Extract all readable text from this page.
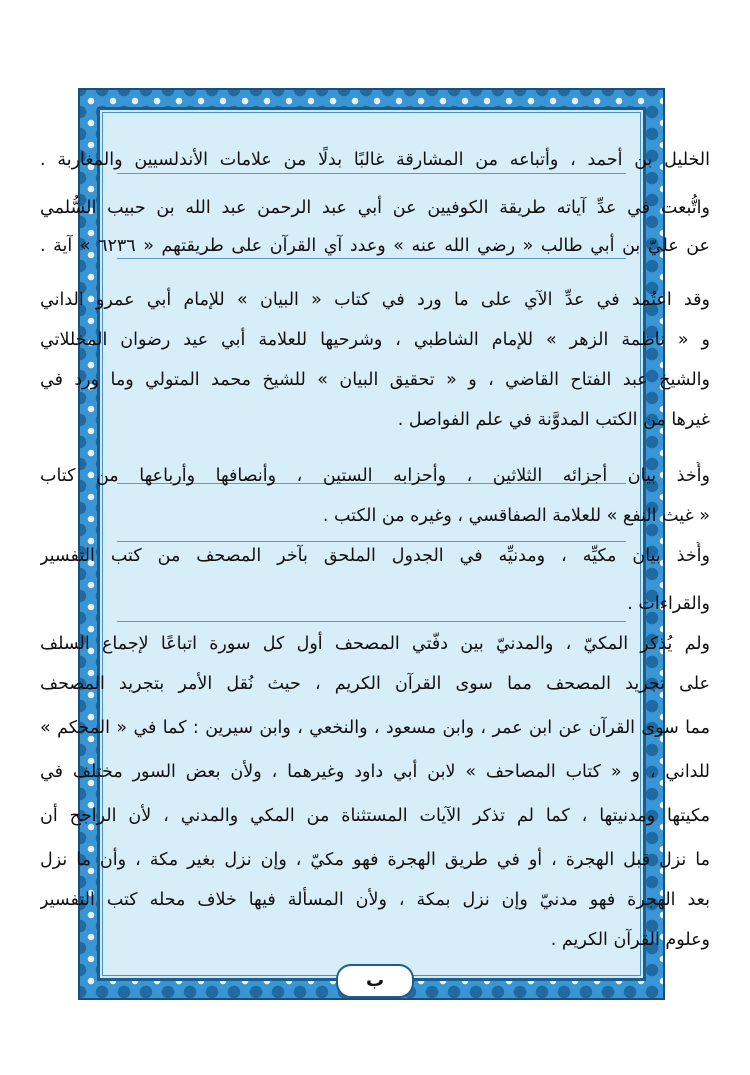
الخليل بن أحمد ، وأتباعه من المشارقة غالبًا بدلًا من علامات الأندلسيين والمغاربة .
واتُّبعت في عدِّ آياته طريقة الكوفيين عن أبي عبد الرحمن عبد الله بن حبيب السُّلمي
عن عليّ بن أبي طالب « رضي الله عنه » وعدد آي القرآن على طريقتهم « ٦٢٣٦ » آية .
وقد اعتُمد في عدِّ الآي على ما ورد في كتاب « البيان » للإمام أبي عمرو الداني
و « ناظمة الزهر » للإمام الشاطبي ، وشرحيها للعلامة أبي عيد رضوان المخللاتي
والشيخ عبد الفتاح القاضي ، و « تحقيق البيان » للشيخ محمد المتولي وما ورد في
غيرها من الكتب المدوَّنة في علم الفواصل .
وأُخذ بيان أجزائه الثلاثين ، وأحزابه الستين ، وأنصافها وأرباعها من كتاب
« غيث النفع » للعلامة الصفاقسي ، وغيره من الكتب .
وأُخذ بيان مكيِّه ، ومدنيِّه في الجدول الملحق بآخر المصحف من كتب التفسير
والقراءات .
ولم يُذكر المكيّ ، والمدنيّ بين دفّتي المصحف أول كل سورة اتباعًا لإجماع السلف
على تجريد المصحف مما سوى القرآن الكريم ، حيث نُقل الأمر بتجريد المصحف
مما سوى القرآن عن ابن عمر ، وابن مسعود ، والنخعي ، وابن سيرين : كما في « المحكم »
للداني ، و « كتاب المصاحف » لابن أبي داود وغيرهما ، ولأن بعض السور مختلف في
مكيتها ومدنيتها ، كما لم تذكر الآيات المستثناة من المكي والمدني ، لأن الراجح أن
ما نزل قبل الهجرة ، أو في طريق الهجرة فهو مكيّ ، وإن نزل بغير مكة ، وأن ما نزل
بعد الهجرة فهو مدنيّ وإن نزل بمكة ، ولأن المسألة فيها خلاف محله كتب التفسير
وعلوم القرآن الكريم .
ب
